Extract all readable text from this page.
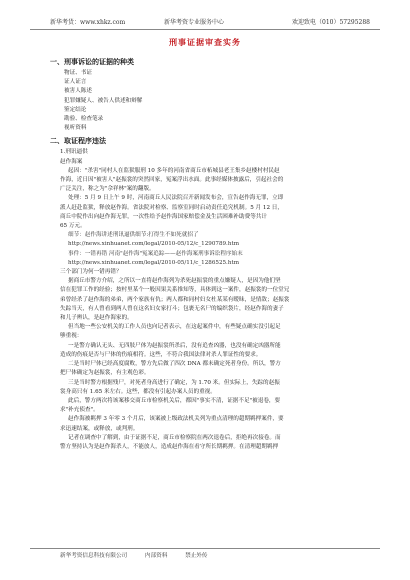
新华考货：www.xhkz.com	新华考资专业服务中心	欢迎致电（010）57295288
刑事证据审查实务
一、刑事诉讼的证据的种类
物证、书证
证人证言
被害人陈述
犯罪嫌疑人、被告人供述和辩解
鉴定结论
勘验、检查笔录
视听资料
二、取证程序违法
1.刑讯逼供
赵作海案
起因："杀害"同村人在监狱服刑 10 多年的河南省商丘市柘城县老王集乡赵楼村村民赵
作海，近日因"被害人"赵振裳的突然回家，冤案浮出水面。此事经媒体披露后，引起社会的
广泛关注，称之为"佘祥林"案的翻版。
处理：5 月 9 日上午 9 时，河南商丘人民法院召开新闻发布会，宣告赵作海无罪，立即
派人赶赴监狱，释放赵作海。省法院对检察、监察室同时启动责任追究机制。5 月 12 日，
商丘中院作出向赵作海无罪，一次性给予赵作海国家赔偿金及生活困难补助费等共计
65 万元。
细节：赵作海讲述刑讯逼供细节:打得生不如死就招了
http://news.xinhuanet.com/legal/2010-05/12/c_1290789.htm
事件：一错再错 河南"赵作海"冤案追踪——赵作海案刑事诉讼程序始末
http://news.xinhuanet.com/legal/2010-05/11/c_1286525.htm
三个部门为何一错再错？
据商丘市警方介绍，之所以一直将赵作海列为杀死赵振裳的重点嫌疑人，是因为他们坚
信在犯罪工作的经验；按村里某个一般因果关系推知等，具体到这一案件，赵振裳的一位堂兄
弟曾经杀了赵作海的弟弟，两个家族有仇；两人都和同村妇女杜某某有暧昧，是情敌；赵振裳
失踪当天，有人曾看到两人曾在这名妇女家打斗；包裹无名尸的编织袋片，经赵作海的妻子
和儿子辨认，是赵作海家的。
但当地一些公安机关的工作人员也向记者表示，在这起案件中，有些疑点确实没引起足
够重视：
一是警方确认无头、无四肢尸体为赵振裳所杀后，没有追查凶器，也没有确定凶器所能
造成的伤痕是否与尸体的伤痕相符。这些，不符合我国法律对杀人罪证性的要求。
二是当时尸体已经高度腐败，警方先后做了四次 DNA 都未确定死者身份。所以，警方
把尸体确定为赵振裳，有主观色彩。
三是当时警方根据残尸，对死者身高进行了确定，为 1.70 米。但实际上，失踪的赵振
裳身高只有 1.65 米左右。这些，都没有引起办案人员的重视。
此后，警方两次将该案移交商丘市检察机关后，都因"事实不清，证据不足"被退卷，要
求"补充侦查"。
赵作海被羁押 3 年零 3 个月后，该案被上级政法机关列为重点清理的超期羁押案件，要
求迅速结案，或释放，或判刑。
记者在调查中了解到，由于证据不足，商丘市检察院在两次退卷后，拒绝再次接卷。而
警方坚持认为是赵作海杀人，不能放人，造成赵作海在看守所长期羁押。在清理超期羁押
新华考资信息科技有限公司	内部资料	禁止外传
